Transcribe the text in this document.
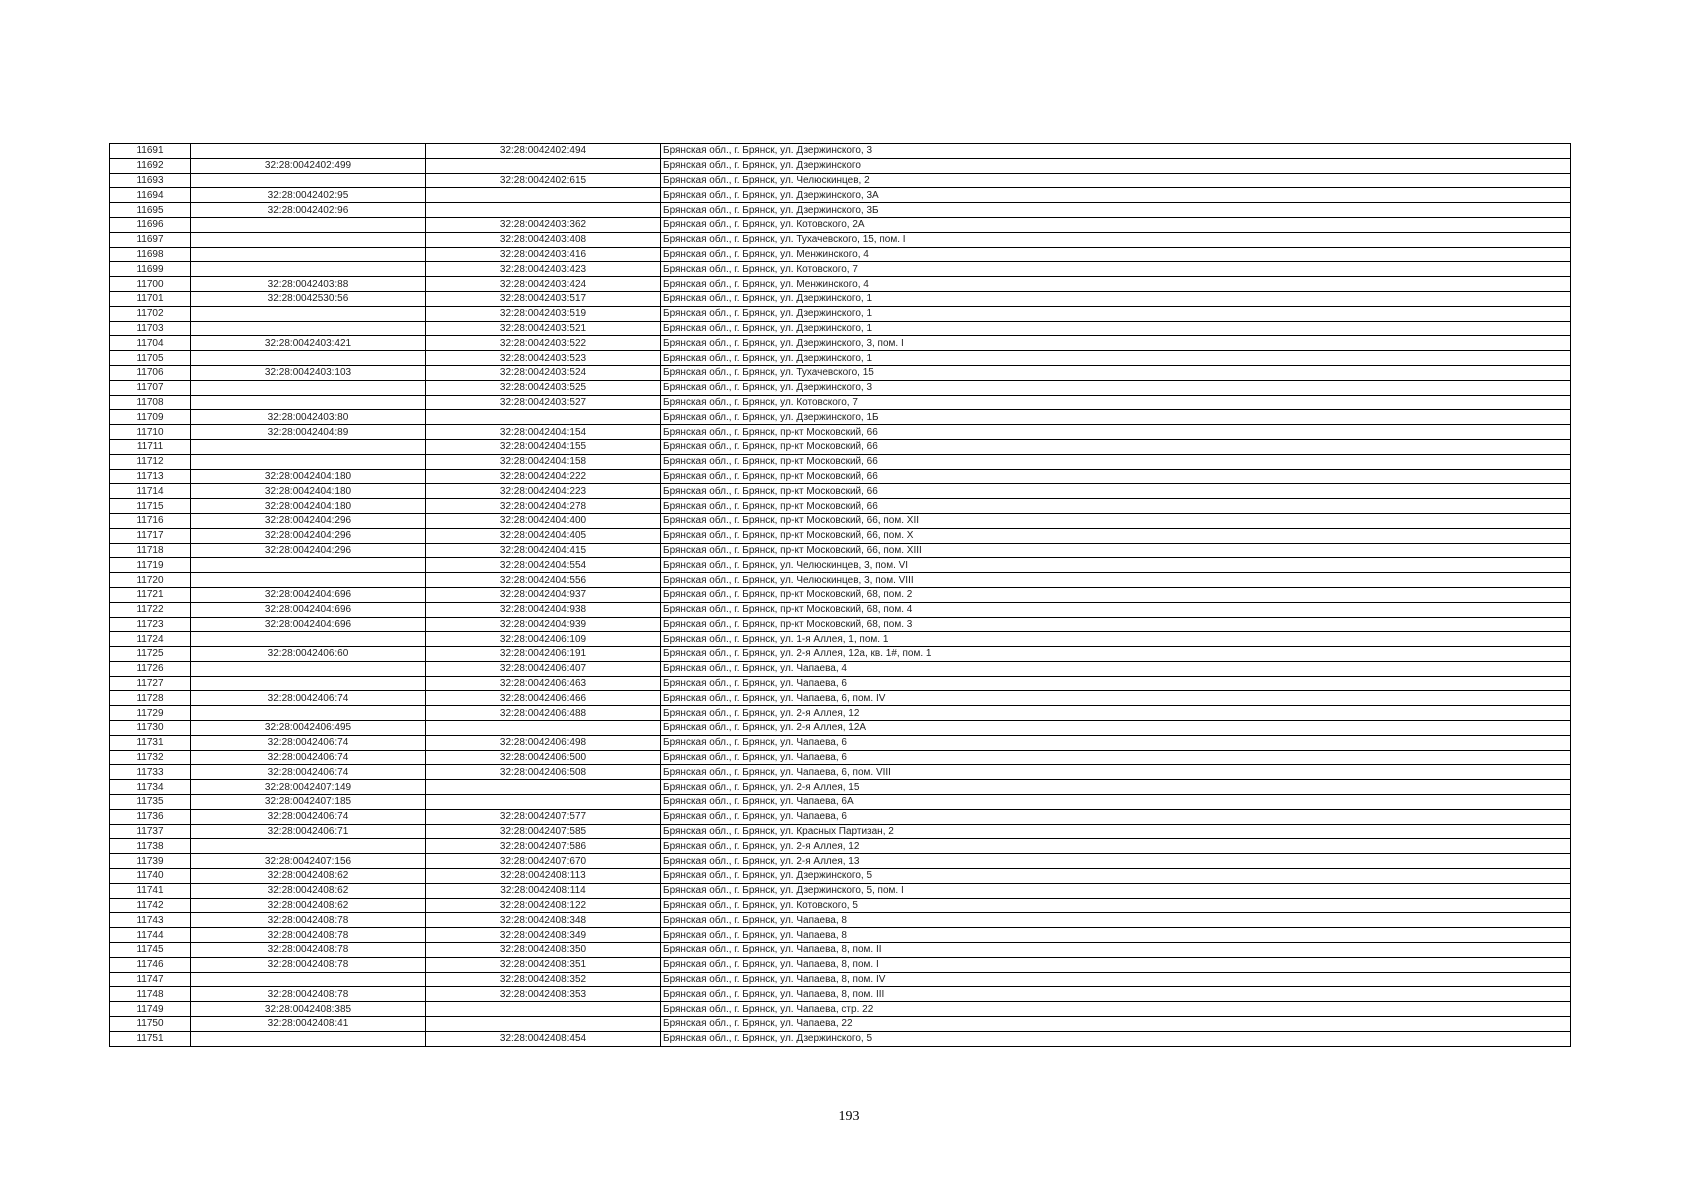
11691		32:28:0042402:494	Брянская обл., г. Брянск, ул. Дзержинского, 3
11692	32:28:0042402:499		Брянская обл., г. Брянск, ул. Дзержинского
11693		32:28:0042402:615	Брянская обл., г. Брянск, ул. Челюскинцев, 2
11694	32:28:0042402:95		Брянская обл., г. Брянск, ул. Дзержинского, 3А
11695	32:28:0042402:96		Брянская обл., г. Брянск, ул. Дзержинского, 3Б
11696		32:28:0042403:362	Брянская обл., г. Брянск, ул. Котовского, 2А
11697		32:28:0042403:408	Брянская обл., г. Брянск, ул. Тухачевского, 15, пом. I
11698		32:28:0042403:416	Брянская обл., г. Брянск, ул. Менжинского, 4
11699		32:28:0042403:423	Брянская обл., г. Брянск, ул. Котовского, 7
11700	32:28:0042403:88	32:28:0042403:424	Брянская обл., г. Брянск, ул. Менжинского, 4
11701	32:28:0042530:56	32:28:0042403:517	Брянская обл., г. Брянск, ул. Дзержинского, 1
11702		32:28:0042403:519	Брянская обл., г. Брянск, ул. Дзержинского, 1
11703		32:28:0042403:521	Брянская обл., г. Брянск, ул. Дзержинского, 1
11704	32:28:0042403:421	32:28:0042403:522	Брянская обл., г. Брянск, ул. Дзержинского, 3, пом. I
11705		32:28:0042403:523	Брянская обл., г. Брянск, ул. Дзержинского, 1
11706	32:28:0042403:103	32:28:0042403:524	Брянская обл., г. Брянск, ул. Тухачевского, 15
11707		32:28:0042403:525	Брянская обл., г. Брянск, ул. Дзержинского, 3
11708		32:28:0042403:527	Брянская обл., г. Брянск, ул. Котовского, 7
11709	32:28:0042403:80		Брянская обл., г. Брянск, ул. Дзержинского, 1Б
11710	32:28:0042404:89	32:28:0042404:154	Брянская обл., г. Брянск, пр-кт Московский, 66
11711		32:28:0042404:155	Брянская обл., г. Брянск, пр-кт Московский, 66
11712		32:28:0042404:158	Брянская обл., г. Брянск, пр-кт Московский, 66
11713	32:28:0042404:180	32:28:0042404:222	Брянская обл., г. Брянск, пр-кт Московский, 66
11714	32:28:0042404:180	32:28:0042404:223	Брянская обл., г. Брянск, пр-кт Московский, 66
11715	32:28:0042404:180	32:28:0042404:278	Брянская обл., г. Брянск, пр-кт Московский, 66
11716	32:28:0042404:296	32:28:0042404:400	Брянская обл., г. Брянск, пр-кт Московский, 66, пом. XII
11717	32:28:0042404:296	32:28:0042404:405	Брянская обл., г. Брянск, пр-кт Московский, 66, пом. X
11718	32:28:0042404:296	32:28:0042404:415	Брянская обл., г. Брянск, пр-кт Московский, 66, пом. XIII
11719		32:28:0042404:554	Брянская обл., г. Брянск, ул. Челюскинцев, 3, пом. VI
11720		32:28:0042404:556	Брянская обл., г. Брянск, ул. Челюскинцев, 3, пом. VIII
11721	32:28:0042404:696	32:28:0042404:937	Брянская обл., г. Брянск, пр-кт Московский, 68, пом. 2
11722	32:28:0042404:696	32:28:0042404:938	Брянская обл., г. Брянск, пр-кт Московский, 68, пом. 4
11723	32:28:0042404:696	32:28:0042404:939	Брянская обл., г. Брянск, пр-кт Московский, 68, пом. 3
11724		32:28:0042406:109	Брянская обл., г. Брянск, ул. 1-я Аллея, 1, пом. 1
11725	32:28:0042406:60	32:28:0042406:191	Брянская обл., г. Брянск, ул. 2-я Аллея, 12а, кв. 1#, пом. 1
11726		32:28:0042406:407	Брянская обл., г. Брянск, ул. Чапаева, 4
11727		32:28:0042406:463	Брянская обл., г. Брянск, ул. Чапаева, 6
11728	32:28:0042406:74	32:28:0042406:466	Брянская обл., г. Брянск, ул. Чапаева, 6, пом. IV
11729		32:28:0042406:488	Брянская обл., г. Брянск, ул. 2-я Аллея, 12
11730	32:28:0042406:495		Брянская обл., г. Брянск, ул. 2-я Аллея, 12А
11731	32:28:0042406:74	32:28:0042406:498	Брянская обл., г. Брянск, ул. Чапаева, 6
11732	32:28:0042406:74	32:28:0042406:500	Брянская обл., г. Брянск, ул. Чапаева, 6
11733	32:28:0042406:74	32:28:0042406:508	Брянская обл., г. Брянск, ул. Чапаева, 6, пом. VIII
11734	32:28:0042407:149		Брянская обл., г. Брянск, ул. 2-я Аллея, 15
11735	32:28:0042407:185		Брянская обл., г. Брянск, ул. Чапаева, 6А
11736	32:28:0042406:74	32:28:0042407:577	Брянская обл., г. Брянск, ул. Чапаева, 6
11737	32:28:0042406:71	32:28:0042407:585	Брянская обл., г. Брянск, ул. Красных Партизан, 2
11738		32:28:0042407:586	Брянская обл., г. Брянск, ул. 2-я Аллея, 12
11739	32:28:0042407:156	32:28:0042407:670	Брянская обл., г. Брянск, ул. 2-я Аллея, 13
11740	32:28:0042408:62	32:28:0042408:113	Брянская обл., г. Брянск, ул. Дзержинского, 5
11741	32:28:0042408:62	32:28:0042408:114	Брянская обл., г. Брянск, ул. Дзержинского, 5, пом. I
11742	32:28:0042408:62	32:28:0042408:122	Брянская обл., г. Брянск, ул. Котовского, 5
11743	32:28:0042408:78	32:28:0042408:348	Брянская обл., г. Брянск, ул. Чапаева, 8
11744	32:28:0042408:78	32:28:0042408:349	Брянская обл., г. Брянск, ул. Чапаева, 8
11745	32:28:0042408:78	32:28:0042408:350	Брянская обл., г. Брянск, ул. Чапаева, 8, пом. II
11746	32:28:0042408:78	32:28:0042408:351	Брянская обл., г. Брянск, ул. Чапаева, 8, пом. I
11747		32:28:0042408:352	Брянская обл., г. Брянск, ул. Чапаева, 8, пом. IV
11748	32:28:0042408:78	32:28:0042408:353	Брянская обл., г. Брянск, ул. Чапаева, 8, пом. III
11749	32:28:0042408:385		Брянская обл., г. Брянск, ул. Чапаева, стр. 22
11750	32:28:0042408:41		Брянская обл., г. Брянск, ул. Чапаева, 22
11751		32:28:0042408:454	Брянская обл., г. Брянск, ул. Дзержинского, 5
193
